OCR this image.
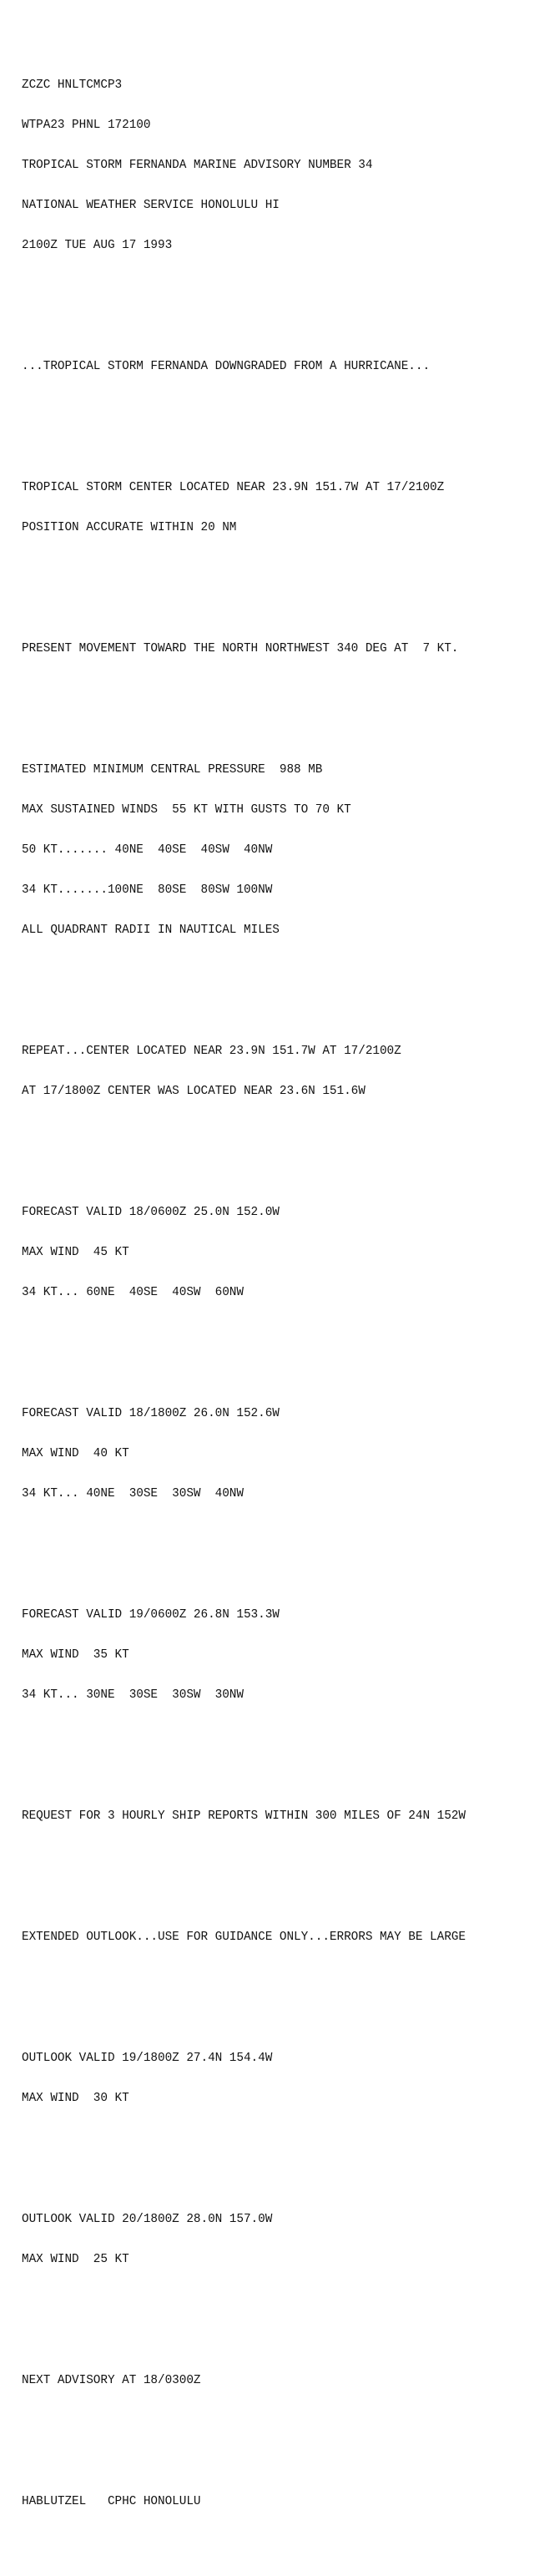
ZCZC HNLTCMCP3

WTPA23 PHNL 172100

TROPICAL STORM FERNANDA MARINE ADVISORY NUMBER 34

NATIONAL WEATHER SERVICE HONOLULU HI

2100Z TUE AUG 17 1993

...TROPICAL STORM FERNANDA DOWNGRADED FROM A HURRICANE...

TROPICAL STORM CENTER LOCATED NEAR 23.9N 151.7W AT 17/2100Z

POSITION ACCURATE WITHIN 20 NM

PRESENT MOVEMENT TOWARD THE NORTH NORTHWEST 340 DEG AT  7 KT.

ESTIMATED MINIMUM CENTRAL PRESSURE  988 MB

MAX SUSTAINED WINDS  55 KT WITH GUSTS TO 70 KT

50 KT....... 40NE  40SE  40SW  40NW

34 KT.......100NE  80SE  80SW 100NW

ALL QUADRANT RADII IN NAUTICAL MILES

REPEAT...CENTER LOCATED NEAR 23.9N 151.7W AT 17/2100Z

AT 17/1800Z CENTER WAS LOCATED NEAR 23.6N 151.6W

FORECAST VALID 18/0600Z 25.0N 152.0W

MAX WIND  45 KT

34 KT... 60NE  40SE  40SW  60NW

FORECAST VALID 18/1800Z 26.0N 152.6W

MAX WIND  40 KT

34 KT... 40NE  30SE  30SW  40NW

FORECAST VALID 19/0600Z 26.8N 153.3W

MAX WIND  35 KT

34 KT... 30NE  30SE  30SW  30NW

REQUEST FOR 3 HOURLY SHIP REPORTS WITHIN 300 MILES OF 24N 152W

EXTENDED OUTLOOK...USE FOR GUIDANCE ONLY...ERRORS MAY BE LARGE

OUTLOOK VALID 19/1800Z 27.4N 154.4W

MAX WIND  30 KT

OUTLOOK VALID 20/1800Z 28.0N 157.0W

MAX WIND  25 KT

NEXT ADVISORY AT 18/0300Z

HABLUTZEL   CPHC HONOLULU
